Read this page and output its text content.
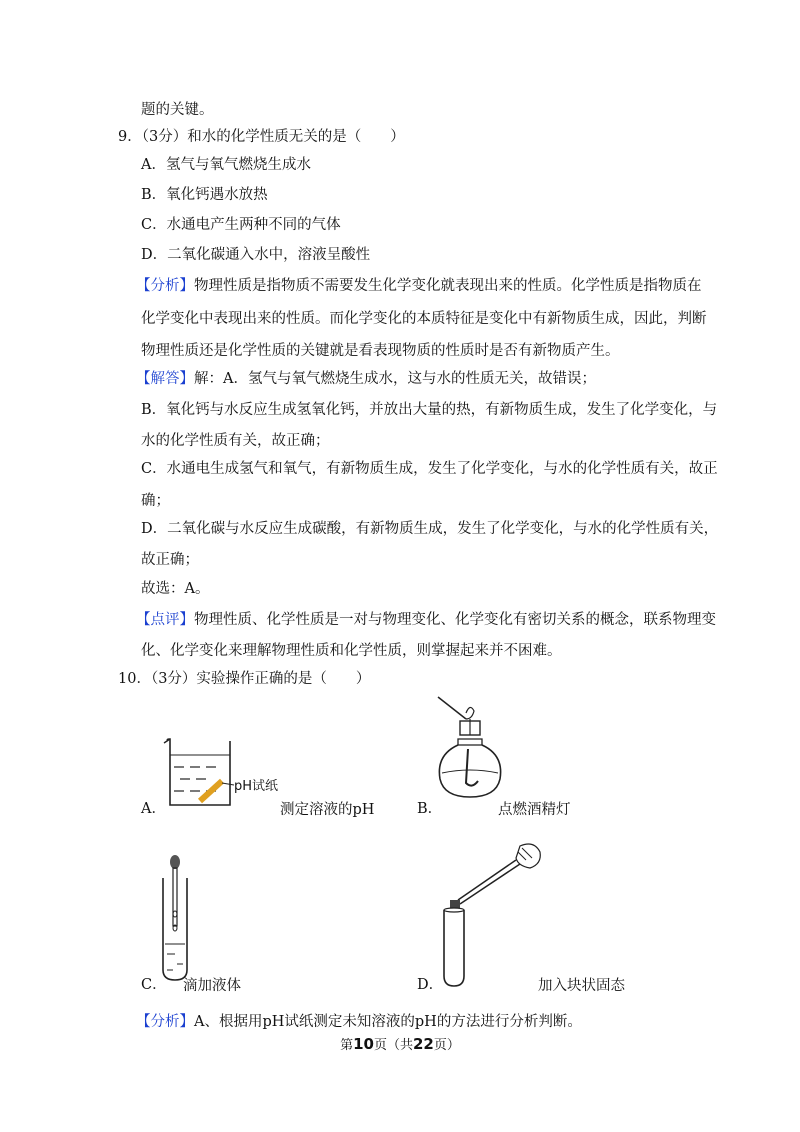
题的关键。
9．（3分）和水的化学性质无关的是（　　）
A．氢气与氧气燃烧生成水
B．氧化钙遇水放热
C．水通电产生两种不同的气体
D．二氧化碳通入水中，溶液呈酸性
【分析】物理性质是指物质不需要发生化学变化就表现出来的性质。化学性质是指物质在
化学变化中表现出来的性质。而化学变化的本质特征是变化中有新物质生成，因此，判断
物理性质还是化学性质的关键就是看表现物质的性质时是否有新物质产生。
【解答】解：A．氢气与氧气燃烧生成水，这与水的性质无关，故错误；
B．氧化钙与水反应生成氢氧化钙，并放出大量的热，有新物质生成，发生了化学变化，与
水的化学性质有关，故正确；
C．水通电生成氢气和氧气，有新物质生成，发生了化学变化，与水的化学性质有关，故正
确；
D．二氧化碳与水反应生成碳酸，有新物质生成，发生了化学变化，与水的化学性质有关，
故正确；
故选：A。
【点评】物理性质、化学性质是一对与物理变化、化学变化有密切关系的概念，联系物理变
化、化学变化来理解物理性质和化学性质，则掌握起来并不困难。
10．（3分）实验操作正确的是（　　）
A．
pH试纸
测定溶液的pH	B．	点燃酒精灯
C． 滴加液体	D．	加入块状固态
【分析】A、根据用pH试纸测定未知溶液的pH的方法进行分析判断。
第10页（共22页）
